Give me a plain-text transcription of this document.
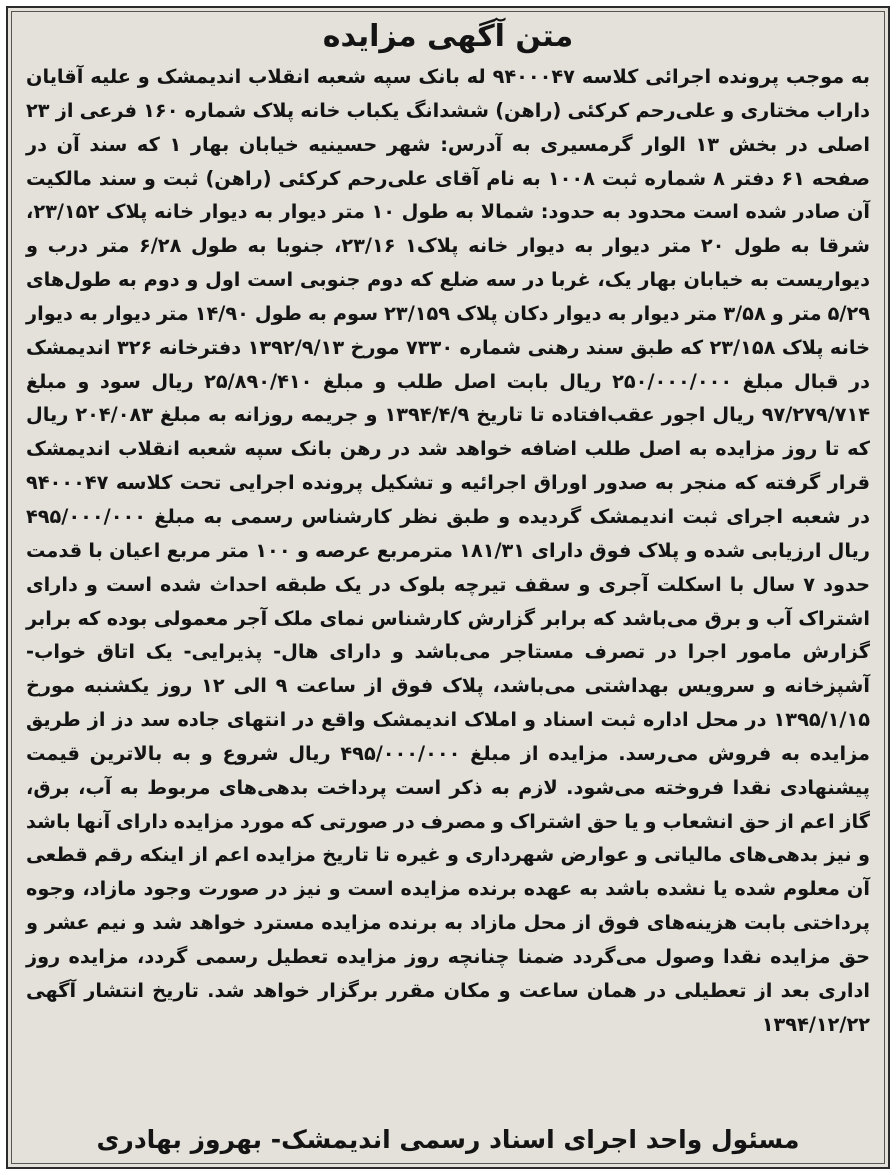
متن آگهی مزایده

به موجب پرونده اجرائی کلاسه ۹۴۰۰۰۴۷ له بانک سپه شعبه انقلاب اندیمشک و علیه آقایان داراب مختاری و علی‌رحم کرکئی (راهن) ششدانگ یکباب خانه پلاک شماره ۱۶۰ فرعی از ۲۳ اصلی در بخش ۱۳ الوار گرمسیری به آدرس: شهر حسینیه خیابان بهار ۱ که سند آن در صفحه ۶۱ دفتر ۸ شماره ثبت ۱۰۰۸ به نام آقای علی‌رحم کرکئی (راهن) ثبت و سند مالکیت آن صادر شده است محدود به حدود: شمالا به طول ۱۰ متر دیوار به دیوار خانه پلاک ۲۳/۱۵۲، شرقا به طول ۲۰ متر دیوار به دیوار خانه پلاک۱ ۲۳/۱۶، جنوبا به طول ۶/۲۸ متر درب و دیواریست به خیابان بهار یک، غربا در سه ضلع که دوم جنوبی است اول و دوم به طول‌های ۵/۲۹ متر و ۳/۵۸ متر دیوار به دیوار دکان پلاک ۲۳/۱۵۹ سوم به طول ۱۴/۹۰ متر دیوار به دیوار خانه پلاک ۲۳/۱۵۸ که طبق سند رهنی شماره ۷۳۳۰ مورخ ۱۳۹۲/۹/۱۳ دفترخانه ۳۲۶ اندیمشک در قبال مبلغ ۲۵۰/۰۰۰/۰۰۰ ریال بابت اصل طلب و مبلغ ۲۵/۸۹۰/۴۱۰ ریال سود و مبلغ ۹۷/۲۷۹/۷۱۴ ریال اجور عقب‌افتاده تا تاریخ ۱۳۹۴/۴/۹ و جریمه روزانه به مبلغ ۲۰۴/۰۸۳ ریال که تا روز مزایده به اصل طلب اضافه خواهد شد در رهن بانک سپه شعبه انقلاب اندیمشک قرار گرفته که منجر به صدور اوراق اجرائیه و تشکیل پرونده اجرایی تحت کلاسه ۹۴۰۰۰۴۷ در شعبه اجرای ثبت اندیمشک گردیده و طبق نظر کارشناس رسمی به مبلغ ۴۹۵/۰۰۰/۰۰۰ ریال ارزیابی شده و پلاک فوق دارای ۱۸۱/۳۱ مترمربع عرصه و ۱۰۰ متر مربع اعیان با قدمت حدود ۷ سال با اسکلت آجری و سقف تیرچه بلوک در یک طبقه احداث شده است و دارای اشتراک آب و برق می‌باشد که برابر گزارش کارشناس نمای ملک آجر معمولی بوده که برابر گزارش مامور اجرا در تصرف مستاجر می‌باشد و دارای هال- پذیرایی- یک اتاق خواب- آشپزخانه و سرویس بهداشتی می‌باشد، پلاک فوق از ساعت ۹ الی ۱۲ روز یکشنبه مورخ ۱۳۹۵/۱/۱۵ در محل اداره ثبت اسناد و املاک اندیمشک واقع در انتهای جاده سد دز از طریق مزایده به فروش می‌رسد. مزایده از مبلغ ۴۹۵/۰۰۰/۰۰۰ ریال شروع و به بالاترین قیمت پیشنهادی نقدا فروخته می‌شود. لازم به ذکر است پرداخت بدهی‌های مربوط به آب، برق، گاز اعم از حق انشعاب و یا حق اشتراک و مصرف در صورتی که مورد مزایده دارای آنها باشد و نیز بدهی‌های مالیاتی و عوارض شهرداری و غیره تا تاریخ مزایده اعم از اینکه رقم قطعی آن معلوم شده یا نشده باشد به عهده برنده مزایده است و نیز در صورت وجود مازاد، وجوه پرداختی بابت هزینه‌های فوق از محل مازاد به برنده مزایده مسترد خواهد شد و نیم عشر و حق مزایده نقدا وصول می‌گردد ضمنا چنانچه روز مزایده تعطیل رسمی گردد، مزایده روز اداری بعد از تعطیلی در همان ساعت و مکان مقرر برگزار خواهد شد. تاریخ انتشار آگهی ۱۳۹۴/۱۲/۲۲

مسئول واحد اجرای اسناد رسمی اندیمشک- بهروز بهادری
